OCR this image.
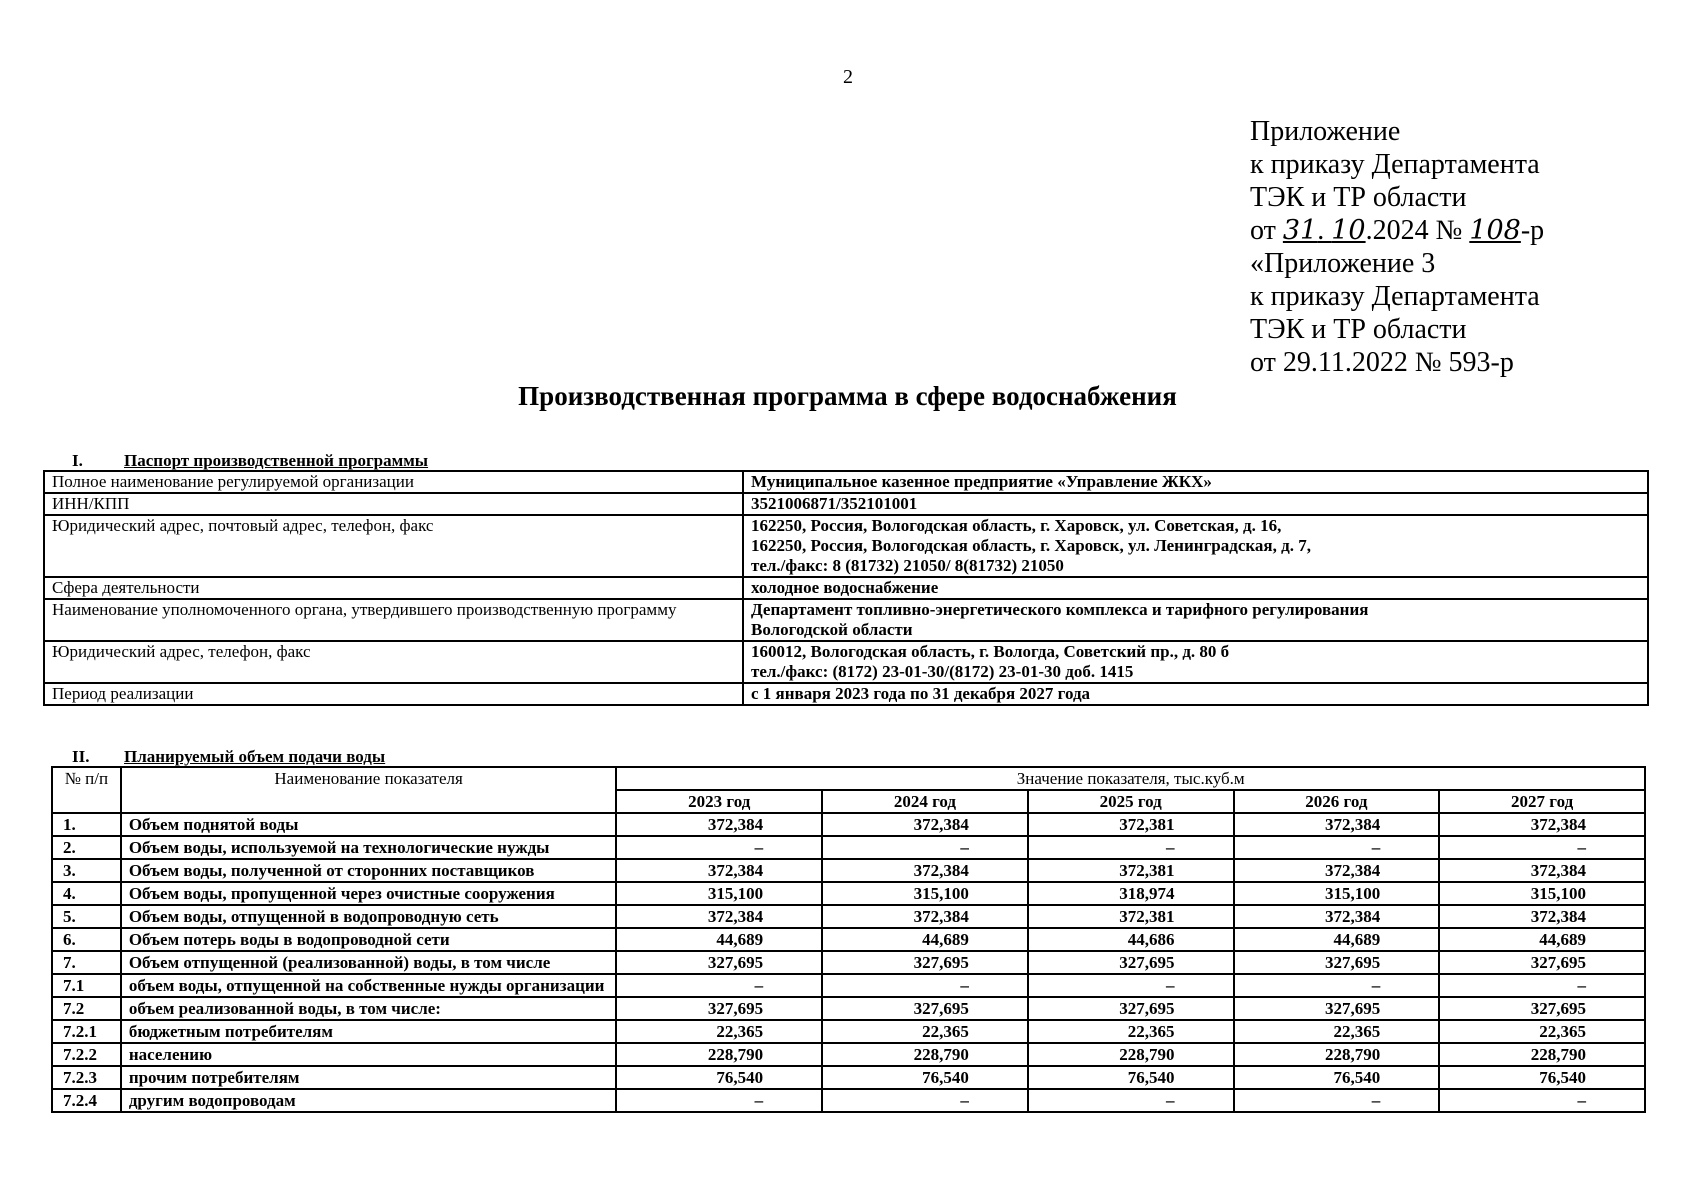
2
Приложение
к приказу Департамента
ТЭК и ТР области
от 31. 10.2024 № 108-р
«Приложение 3
к приказу Департамента
ТЭК и ТР области
от 29.11.2022 № 593-р
Производственная программа в сфере водоснабжения
I. Паспорт производственной программы
Полное наименование регулируемой организации	Муниципальное казенное предприятие «Управление ЖКХ»

ИНН/КПП	3521006871/352101001

Юридический адрес, почтовый адрес, телефон, факс	162250, Россия, Вологодская область, г. Харовск, ул. Советская, д. 16,
162250, Россия, Вологодская область, г. Харовск, ул. Ленинградская, д. 7,
тел./факс: 8 (81732) 21050/ 8(81732) 21050

Сфера деятельности	холодное водоснабжение

Наименование уполномоченного органа, утвердившего производственную программу	Департамент топливно-энергетического комплекса и тарифного регулирования
Вологодской области

Юридический адрес, телефон, факс	160012, Вологодская область, г. Вологда, Советский пр., д. 80 б
тел./факс: (8172) 23-01-30/(8172) 23-01-30 доб. 1415

Период реализации	с 1 января 2023 года по 31 декабря 2027 года
II. Планируемый объем подачи воды
№ п/п	Наименование показателя	Значение показателя, тыс.куб.м				
		2023 год	2024 год	2025 год	2026 год	2027 год
1.	Объем поднятой воды	372,384	372,384	372,381	372,384	372,384
2.	Объем воды, используемой на технологические нужды	–	–	–	–	–
3.	Объем воды, полученной от сторонних поставщиков	372,384	372,384	372,381	372,384	372,384
4.	Объем воды, пропущенной через очистные сооружения	315,100	315,100	318,974	315,100	315,100
5.	Объем воды, отпущенной в водопроводную сеть	372,384	372,384	372,381	372,384	372,384
6.	Объем потерь воды в водопроводной сети	44,689	44,689	44,686	44,689	44,689
7.	Объем отпущенной (реализованной) воды, в том числе	327,695	327,695	327,695	327,695	327,695
7.1	объем воды, отпущенной на собственные нужды организации	–	–	–	–	–
7.2	объем реализованной воды, в том числе:	327,695	327,695	327,695	327,695	327,695
7.2.1	бюджетным потребителям	22,365	22,365	22,365	22,365	22,365
7.2.2	населению	228,790	228,790	228,790	228,790	228,790
7.2.3	прочим потребителям	76,540	76,540	76,540	76,540	76,540
7.2.4	другим водопроводам	–	–	–	–	–
